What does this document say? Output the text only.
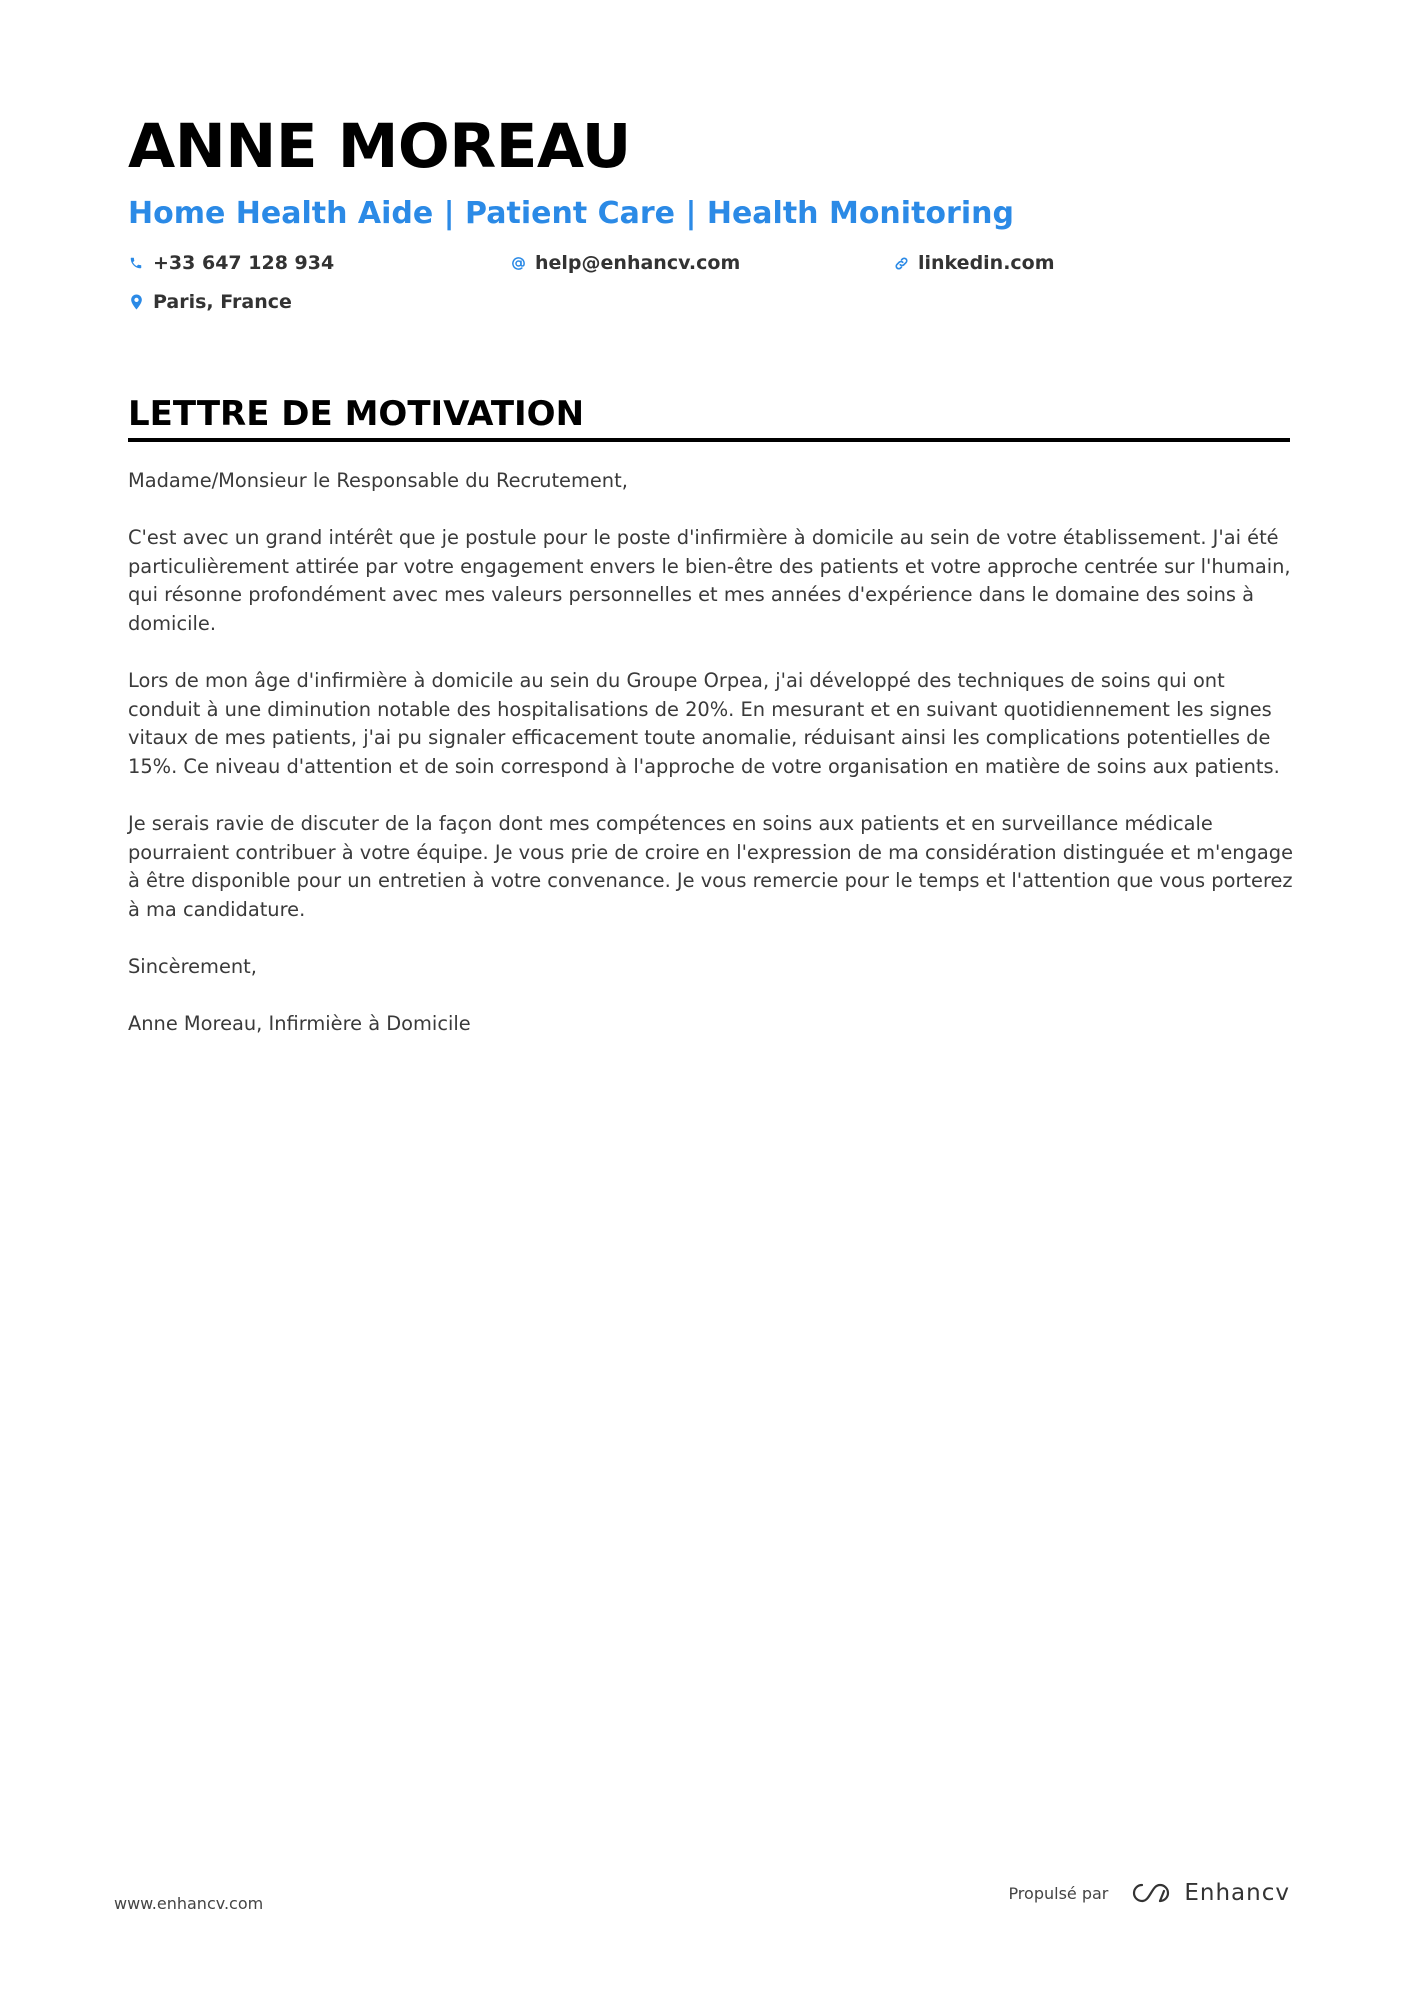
ANNE MOREAU
Home Health Aide | Patient Care | Health Monitoring
+33 647 128 934	help@enhancv.com	linkedin.com
Paris, France
LETTRE DE MOTIVATION

Madame/Monsieur le Responsable du Recrutement,

C'est avec un grand intérêt que je postule pour le poste d'infirmière à domicile au sein de votre établissement. J'ai été particulièrement attirée par votre engagement envers le bien-être des patients et votre approche centrée sur l'humain, qui résonne profondément avec mes valeurs personnelles et mes années d'expérience dans le domaine des soins à domicile.

Lors de mon âge d'infirmière à domicile au sein du Groupe Orpea, j'ai développé des techniques de soins qui ont conduit à une diminution notable des hospitalisations de 20%. En mesurant et en suivant quotidiennement les signes vitaux de mes patients, j'ai pu signaler efficacement toute anomalie, réduisant ainsi les complications potentielles de 15%. Ce niveau d'attention et de soin correspond à l'approche de votre organisation en matière de soins aux patients.

Je serais ravie de discuter de la façon dont mes compétences en soins aux patients et en surveillance médicale pourraient contribuer à votre équipe. Je vous prie de croire en l'expression de ma considération distinguée et m'engage à être disponible pour un entretien à votre convenance. Je vous remercie pour le temps et l'attention que vous porterez à ma candidature.

Sincèrement,

Anne Moreau, Infirmière à Domicile

www.enhancv.com
Propulsé par	Enhancv
